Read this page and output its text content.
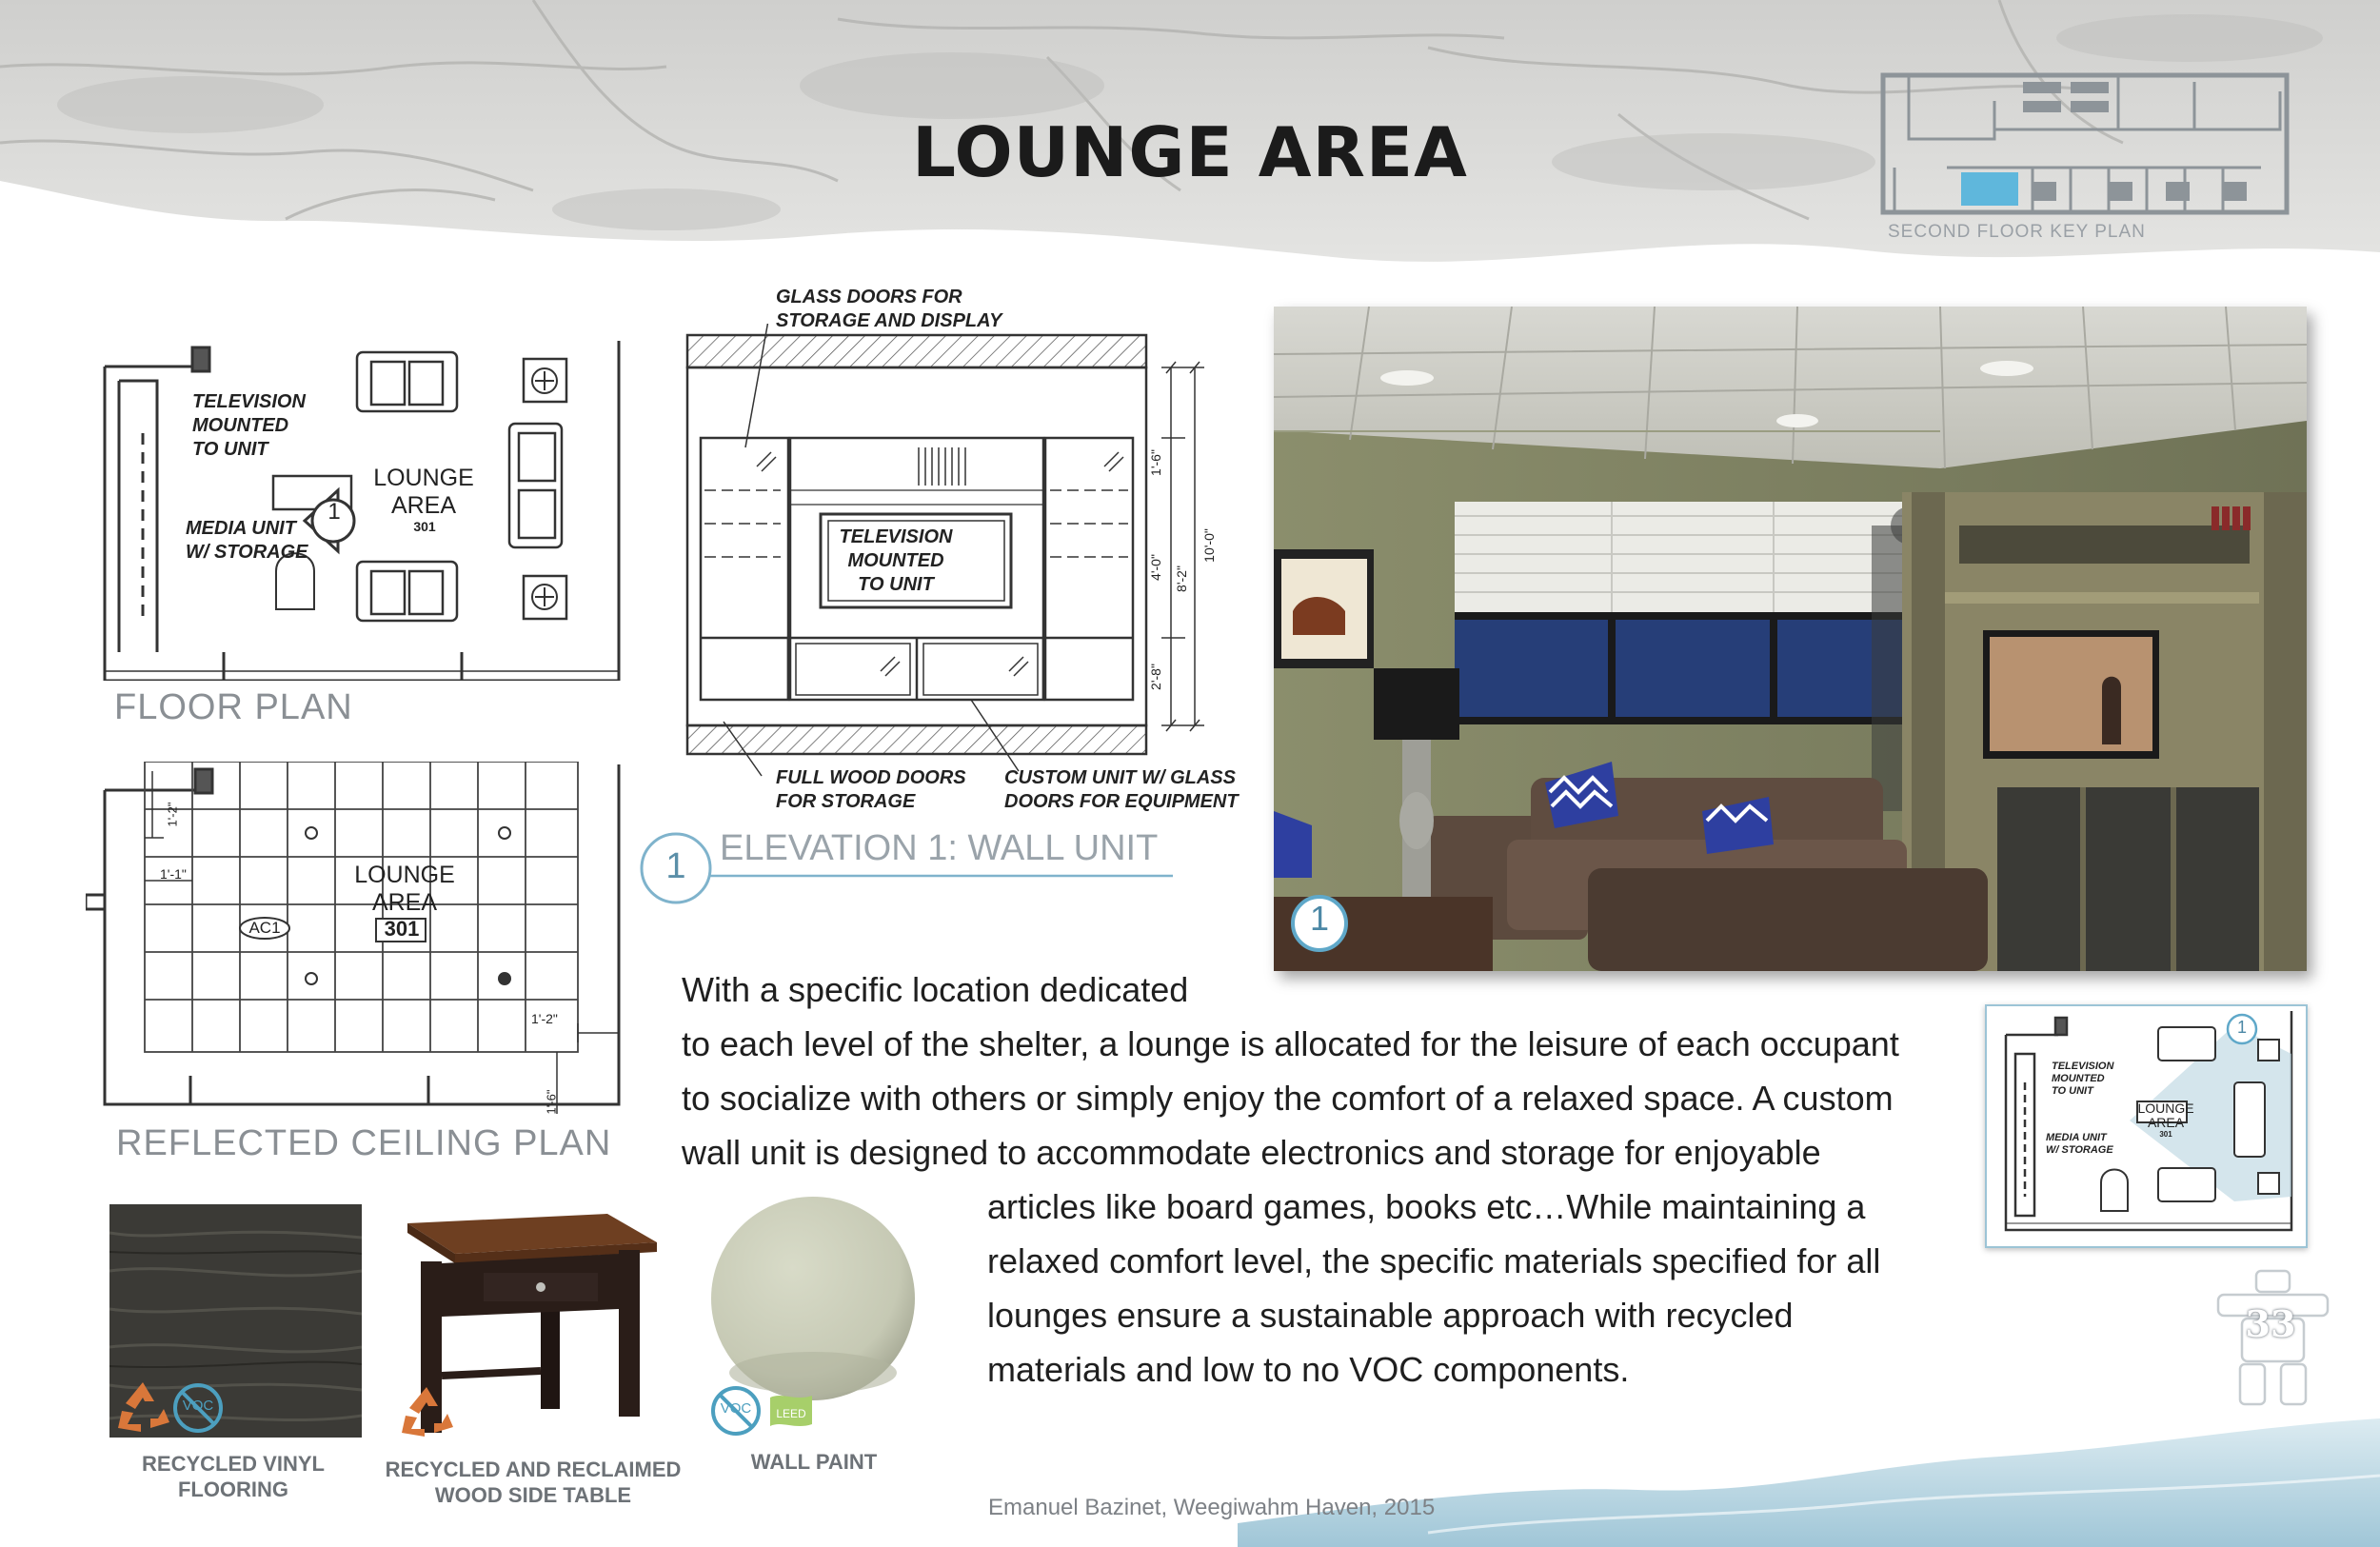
LOUNGE AREA
SECOND FLOOR KEY PLAN
TELEVISION
MOUNTED
TO UNIT
MEDIA UNIT
W/ STORAGE
LOUNGE
AREA
301
1
FLOOR PLAN
1'-2"
1'-1"
1'-2"
1'-6"
LOUNGE
AREA
301
AC1
REFLECTED CEILING PLAN
GLASS DOORS FOR
STORAGE AND DISPLAY
TELEVISION
MOUNTED
TO UNIT
FULL WOOD DOORS
FOR STORAGE
CUSTOM UNIT W/ GLASS
DOORS FOR EQUIPMENT
1'-6"
4'-0"
2'-8"
8'-2"
10'-0"
1 ELEVATION 1: WALL UNIT
1
1
TELEVISION
MOUNTED
TO UNIT
MEDIA UNIT
W/ STORAGE
LOUNGE
AREA
301
With a specific location dedicated
to each level of the shelter, a lounge is allocated for the leisure of each occupant
to socialize with others or simply enjoy the comfort of a relaxed space. A custom
wall unit is designed to accommodate electronics and storage for enjoyable
articles like board games, books etc…While maintaining a
relaxed comfort level, the specific materials specified for all
lounges ensure a sustainable approach with recycled
materials and low to no VOC components.
VOC
RECYCLED VINYL
FLOORING
RECYCLED AND RECLAIMED
WOOD SIDE TABLE
VOC	LEED
WALL PAINT
33
Emanuel Bazinet, Weegiwahm Haven, 2015
